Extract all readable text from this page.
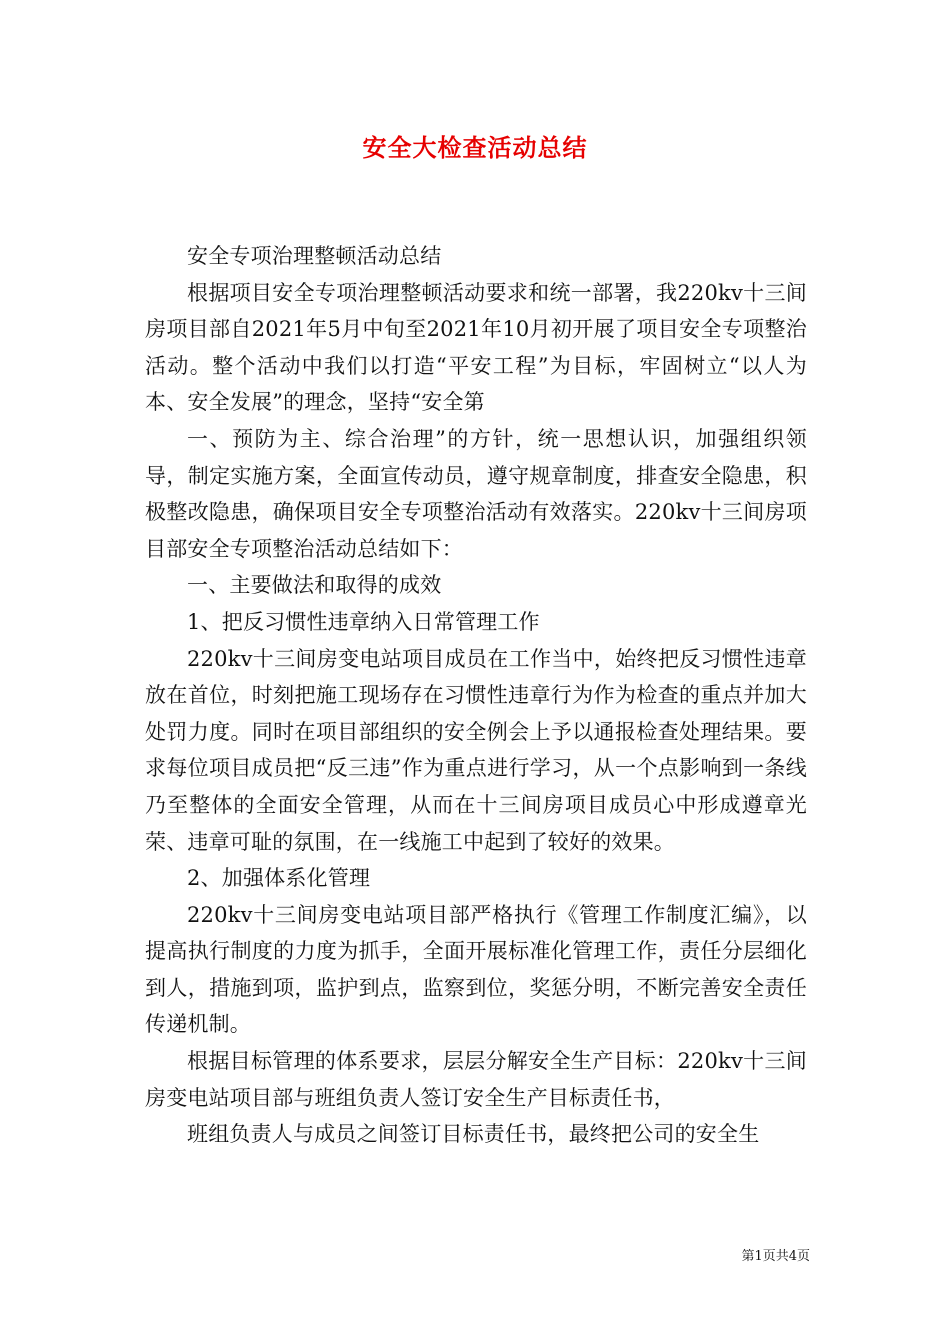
安全大检查活动总结

安全专项治理整顿活动总结

根据项目安全专项治理整顿活动要求和统一部署，我220kv十三间房项目部自2021年5月中旬至2021年10月初开展了项目安全专项整治活动。整个活动中我们以打造“平安工程”为目标，牢固树立“以人为本、安全发展”的理念，坚持“安全第

一、预防为主、综合治理”的方针，统一思想认识，加强组织领导，制定实施方案，全面宣传动员，遵守规章制度，排查安全隐患，积极整改隐患，确保项目安全专项整治活动有效落实。220kv十三间房项目部安全专项整治活动总结如下：

一、主要做法和取得的成效

1、把反习惯性违章纳入日常管理工作

220kv十三间房变电站项目成员在工作当中，始终把反习惯性违章放在首位，时刻把施工现场存在习惯性违章行为作为检查的重点并加大处罚力度。同时在项目部组织的安全例会上予以通报检查处理结果。要求每位项目成员把“反三违”作为重点进行学习，从一个点影响到一条线乃至整体的全面安全管理，从而在十三间房项目成员心中形成遵章光荣、违章可耻的氛围，在一线施工中起到了较好的效果。

2、加强体系化管理

220kv十三间房变电站项目部严格执行《管理工作制度汇编》，以提高执行制度的力度为抓手，全面开展标准化管理工作，责任分层细化到人，措施到项，监护到点，监察到位，奖惩分明，不断完善安全责任传递机制。

根据目标管理的体系要求，层层分解安全生产目标：220kv十三间房变电站项目部与班组负责人签订安全生产目标责任书，

班组负责人与成员之间签订目标责任书，最终把公司的安全生

第1页共4页
